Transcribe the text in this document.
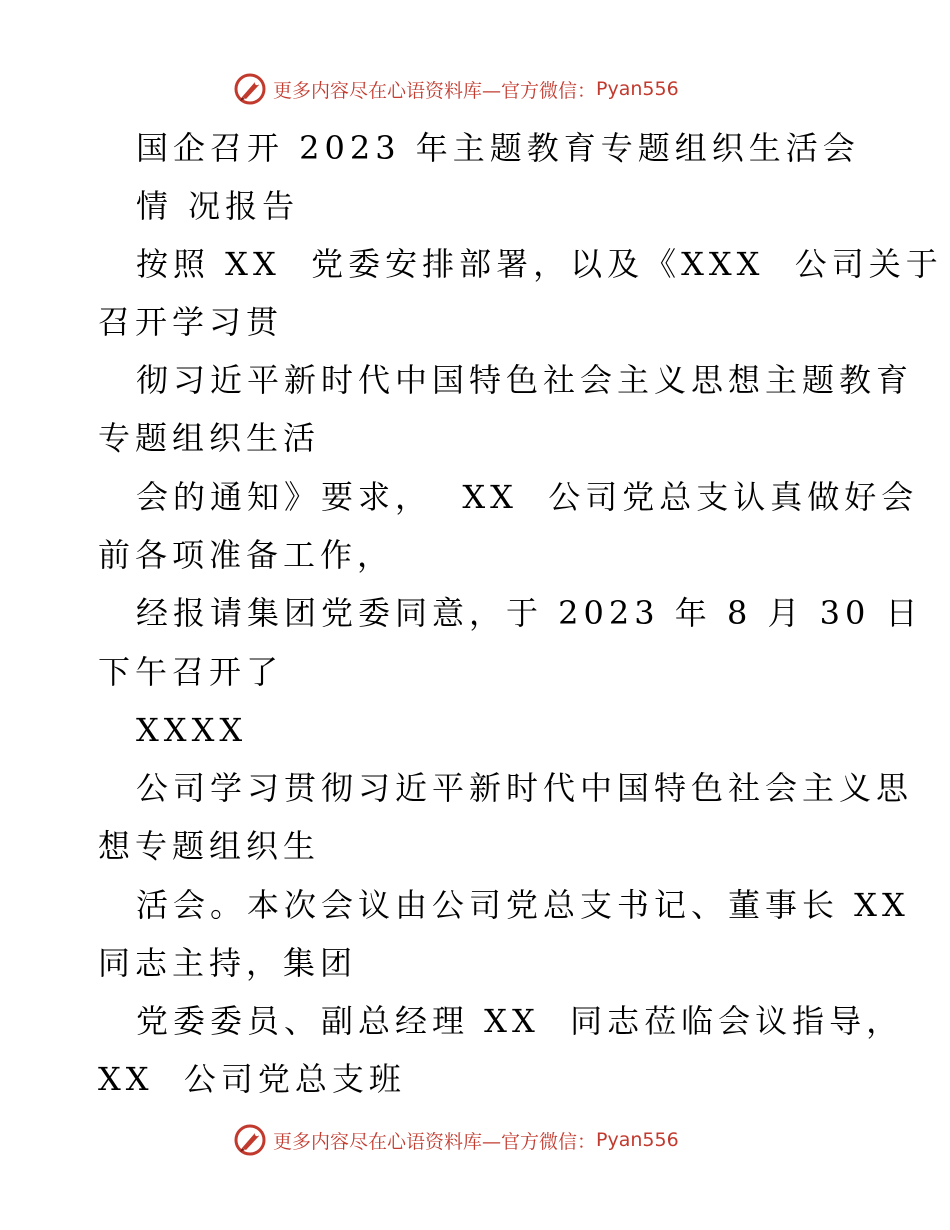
更多内容尽在心语资料库—官方微信： Pyan556
国企召开 2023 年主题教育专题组织生活会
情 况报告
按照 XX  党委安排部署，以及《XXX  公司关于
召开学习贯
彻习近平新时代中国特色社会主义思想主题教育
专题组织生活
会的通知》要求，  XX  公司党总支认真做好会
前各项准备工作，
经报请集团党委同意，于 2023 年 8 月 30 日
下午召开了
XXXX
公司学习贯彻习近平新时代中国特色社会主义思
想专题组织生
活会。本次会议由公司党总支书记、董事长 XX
同志主持，集团
党委委员、副总经理 XX  同志莅临会议指导，
XX  公司党总支班
更多内容尽在心语资料库—官方微信： Pyan556
